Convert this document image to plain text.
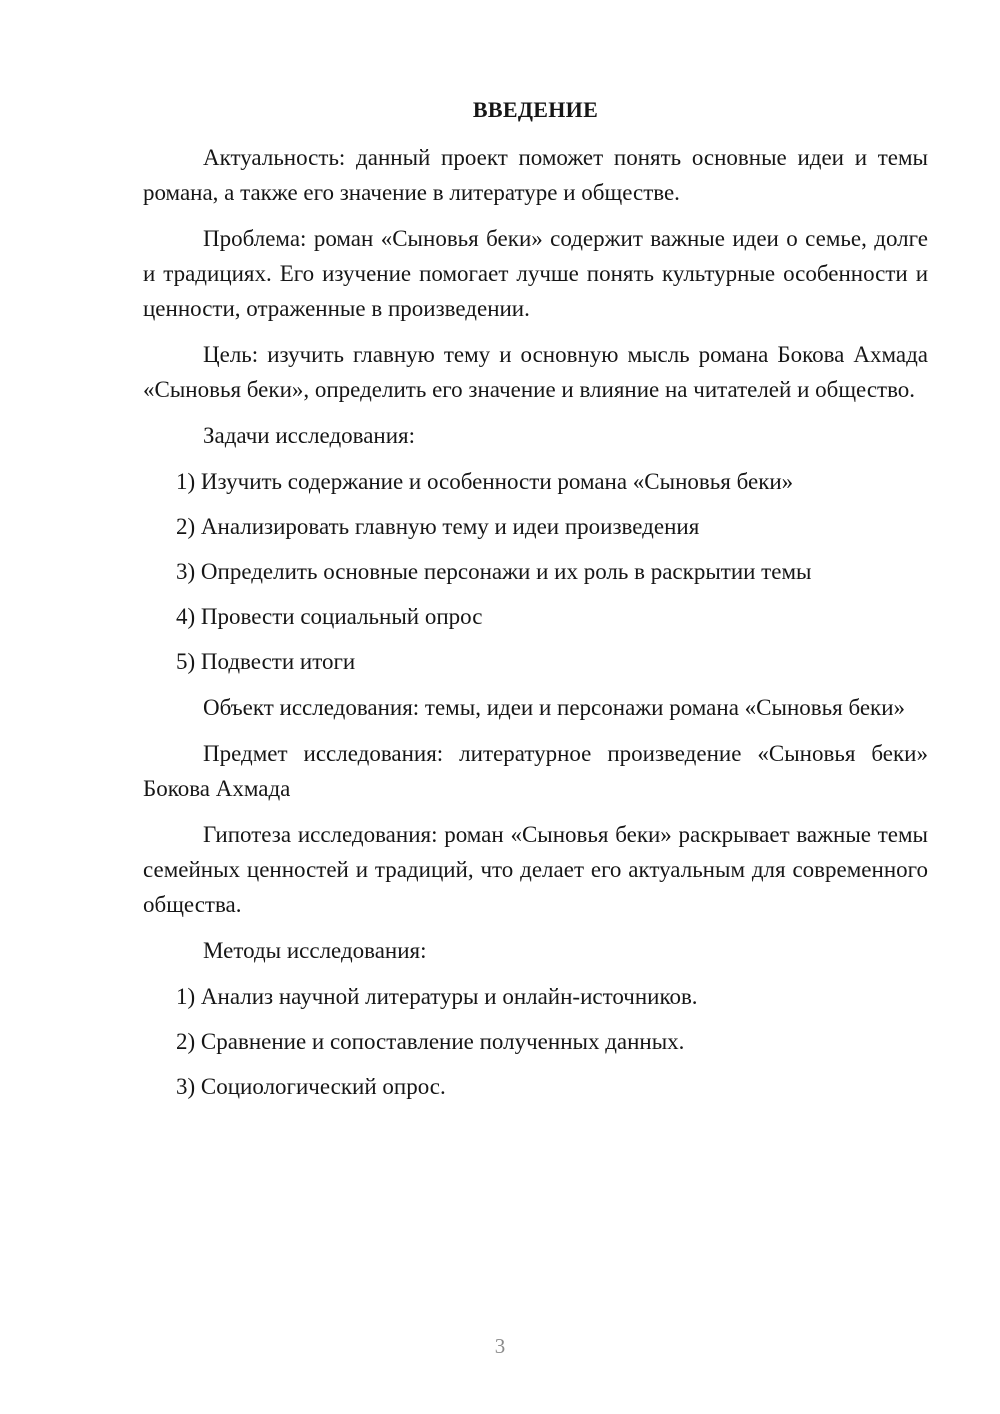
ВВЕДЕНИЕ

Актуальность: данный проект поможет понять основные идеи и темы романа, а также его значение в литературе и обществе.

Проблема: роман «Сыновья беки» содержит важные идеи о семье, долге и традициях. Его изучение помогает лучше понять культурные особенности и ценности, отраженные в произведении.

Цель: изучить главную тему и основную мысль романа Бокова Ахмада «Сыновья беки», определить его значение и влияние на читателей и общество.

Задачи исследования:

1) Изучить содержание и особенности романа «Сыновья беки»
2) Анализировать главную тему и идеи произведения
3) Определить основные персонажи и их роль в раскрытии темы
4) Провести социальный опрос
5) Подвести итоги

Объект исследования: темы, идеи и персонажи романа «Сыновья беки»

Предмет исследования: литературное произведение «Сыновья беки» Бокова Ахмада

Гипотеза исследования: роман «Сыновья беки» раскрывает важные темы семейных ценностей и традиций, что делает его актуальным для современного общества.

Методы исследования:

1) Анализ научной литературы и онлайн-источников.
2) Сравнение и сопоставление полученных данных.
3) Социологический опрос.
3
